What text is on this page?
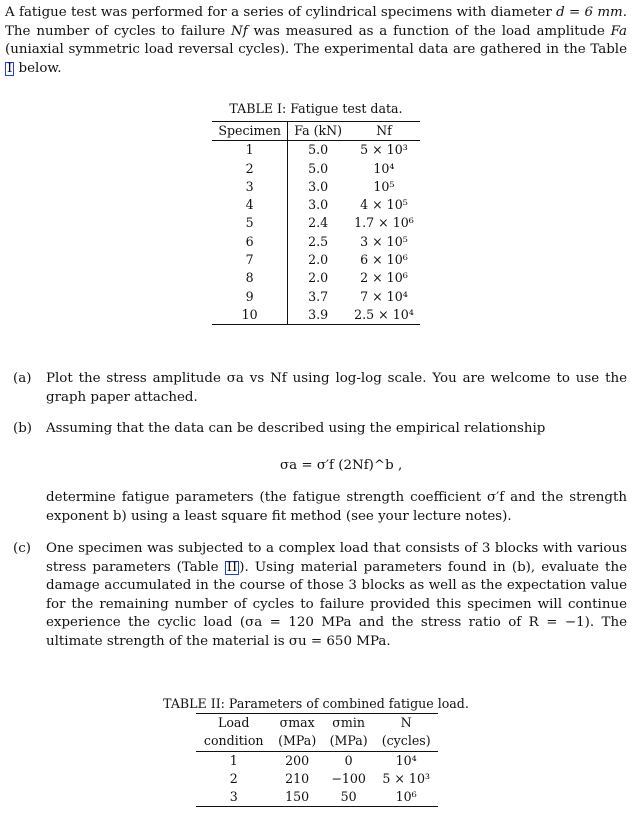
A fatigue test was performed for a series of cylindrical specimens with diameter d = 6 mm. The number of cycles to failure Nf was measured as a function of the load amplitude Fa (uniaxial symmetric load reversal cycles). The experimental data are gathered in the Table I below.
TABLE I: Fatigue test data.
Specimen	Fa (kN)	Nf
1	5.0	5 × 10³
2	5.0	10⁴
3	3.0	10⁵
4	3.0	4 × 10⁵
5	2.4	1.7 × 10⁶
6	2.5	3 × 10⁵
7	2.0	6 × 10⁶
8	2.0	2 × 10⁶
9	3.7	7 × 10⁴
10	3.9	2.5 × 10⁴
(a) Plot the stress amplitude σa vs Nf using log-log scale. You are welcome to use the graph paper attached.
(b) Assuming that the data can be described using the empirical relationship
σa = σ′f (2Nf)^b ,
determine fatigue parameters (the fatigue strength coefficient σ′f and the strength exponent b) using a least square fit method (see your lecture notes).
(c) One specimen was subjected to a complex load that consists of 3 blocks with various stress parameters (Table II ). Using material parameters found in (b), evaluate the damage accumulated in the course of those 3 blocks as well as the expectation value for the remaining number of cycles to failure provided this specimen will continue experience the cyclic load (σa = 120 MPa and the stress ratio of R = −1). The ultimate strength of the material is σu = 650 MPa.
TABLE II: Parameters of combined fatigue load.
Load	σmax	σmin	N
condition	(MPa)	(MPa)	(cycles)
1	200	0	10⁴
2	210	−100	5 × 10³
3	150	50	10⁶
